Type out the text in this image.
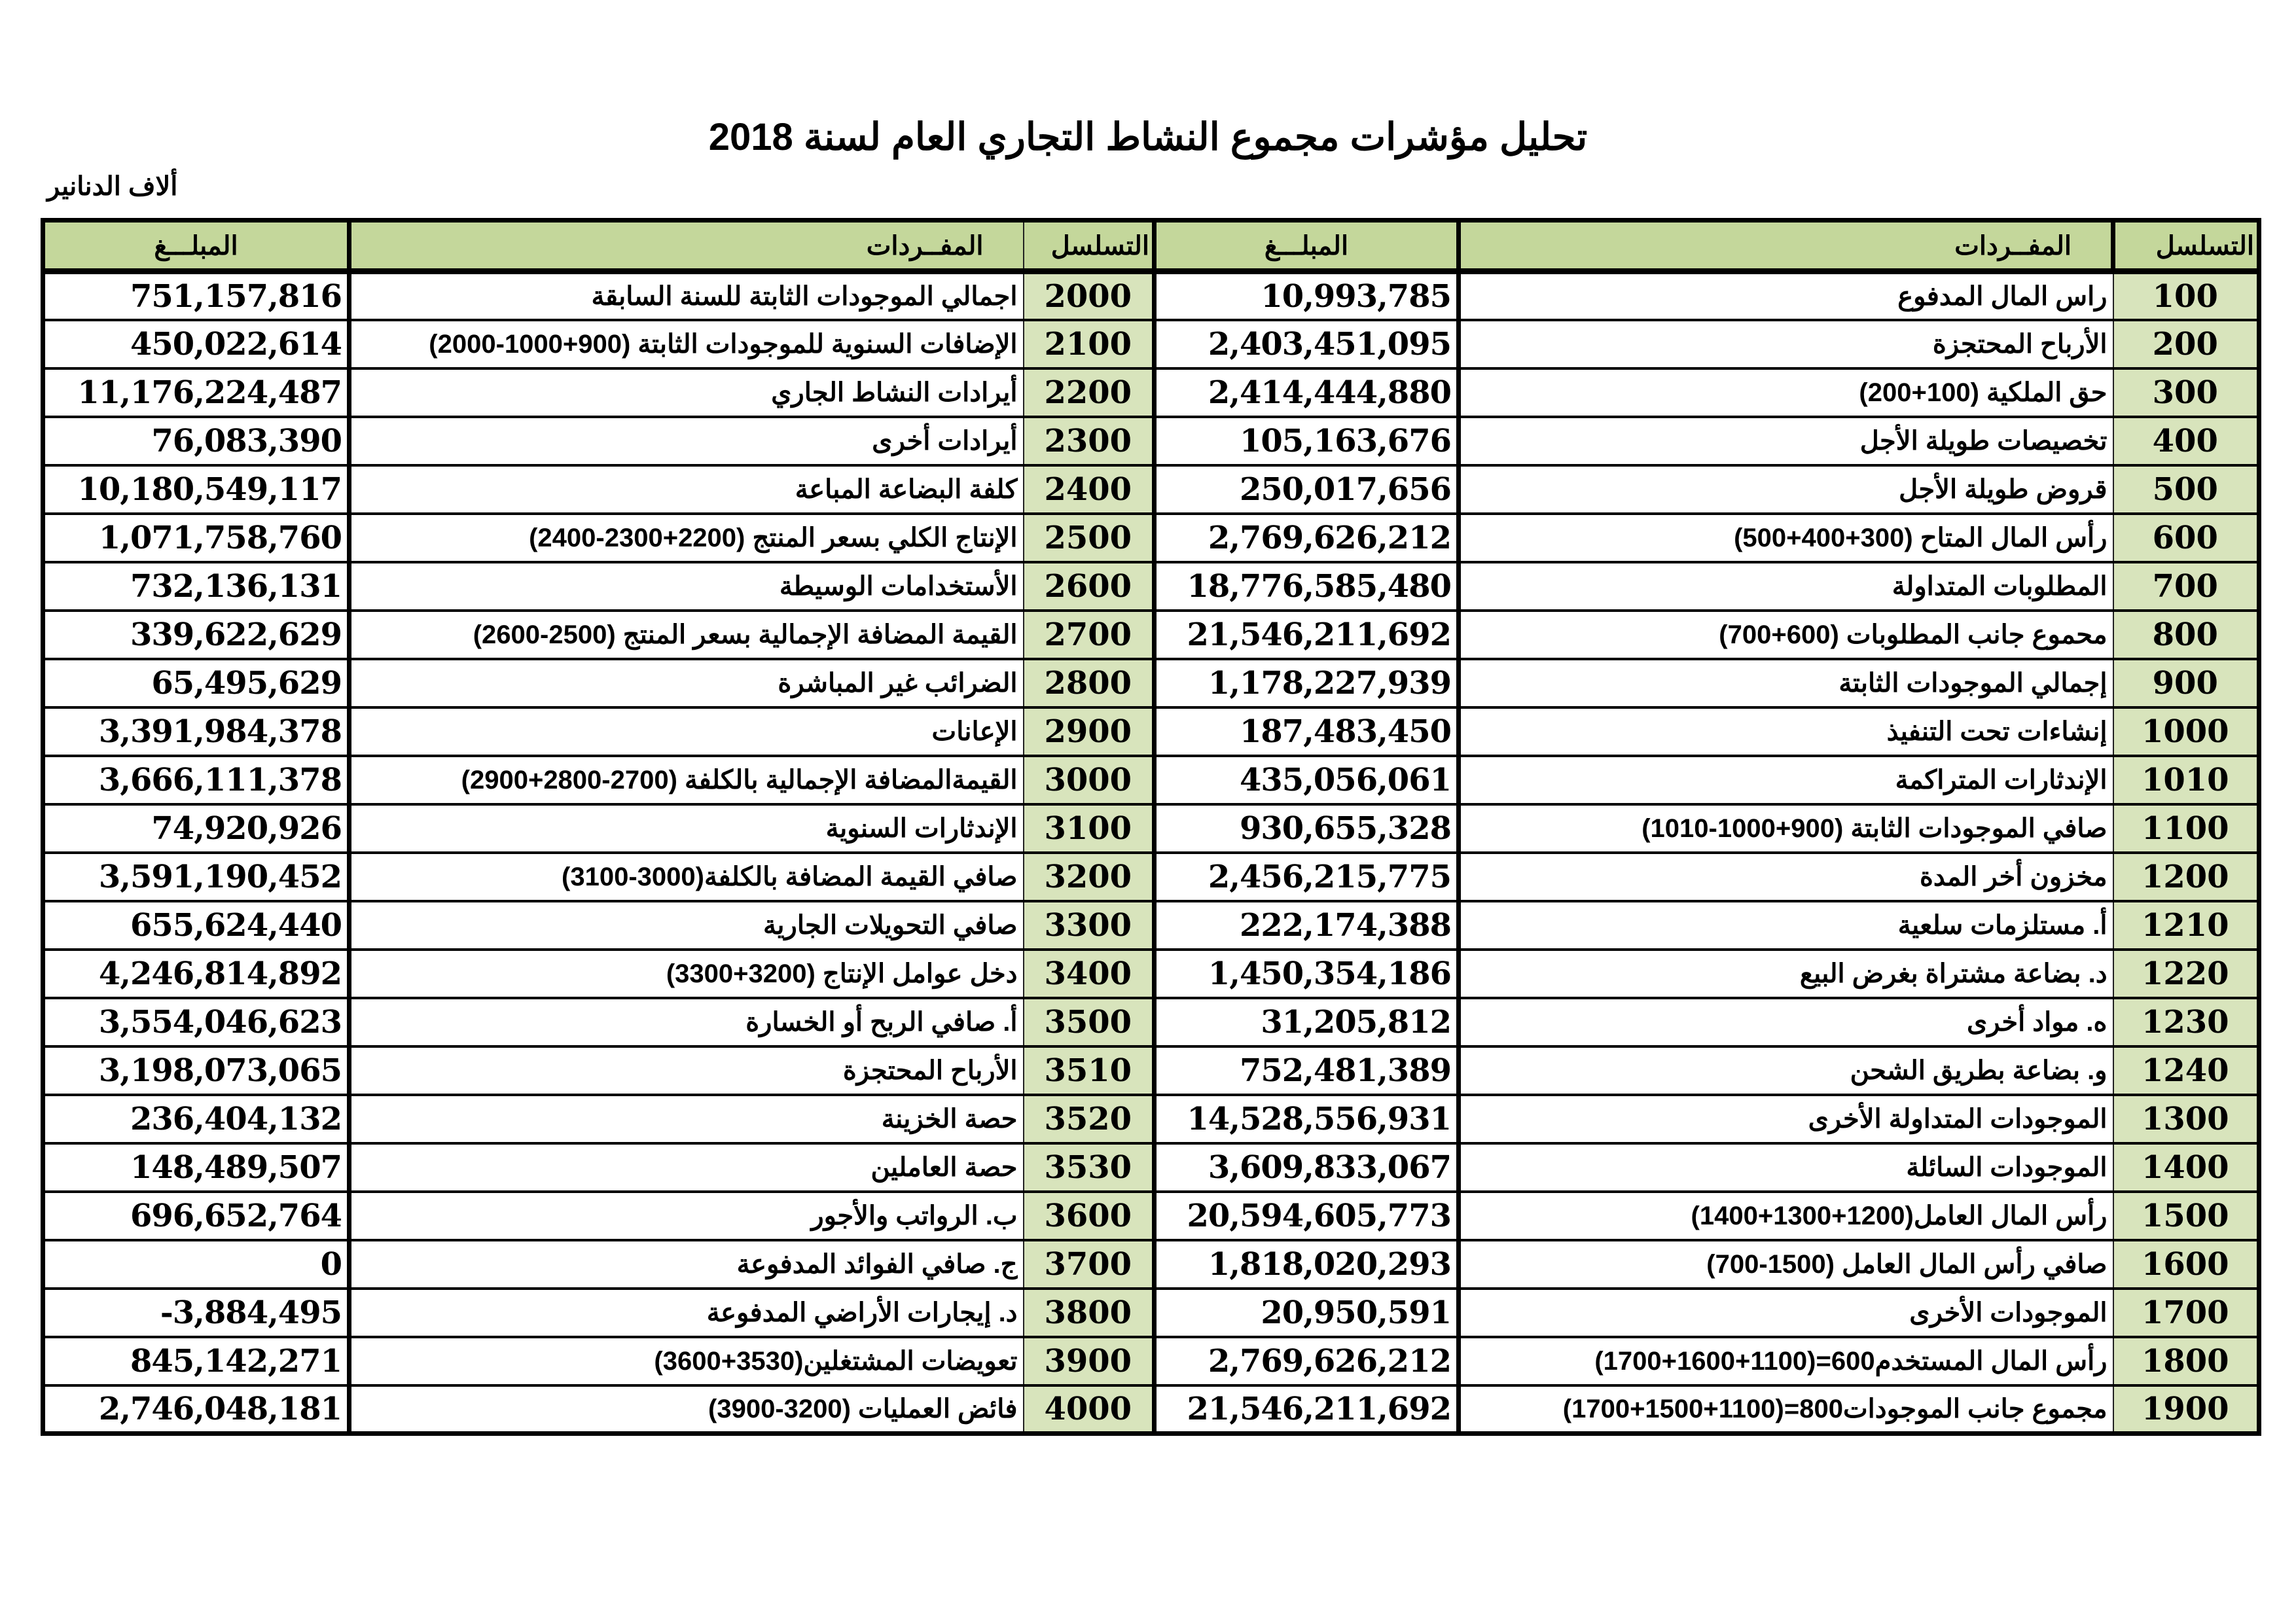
تحليل مؤشرات مجموع النشاط التجاري العام لسنة 2018
ألاف الدنانير
المبلـــغ	المفــردات	التسلسل	المبلـــغ	المفــردات	التسلسل
751,157,816	اجمالي الموجودات الثابتة للسنة السابقة	2000	10,993,785	راس المال المدفوع	100
450,022,614	الإضافات السنوية للموجودات الثابتة (900+1000-2000)	2100	2,403,451,095	الأرباح المحتجزة	200
11,176,224,487	أيرادات النشاط الجاري	2200	2,414,444,880	حق الملكية (100+200)	300
76,083,390	أيرادات أخرى	2300	105,163,676	تخصيصات طويلة الأجل	400
10,180,549,117	كلفة البضاعة المباعة	2400	250,017,656	قروض طويلة الأجل	500
1,071,758,760	الإنتاج الكلي بسعر المنتج (2200+2300-2400)	2500	2,769,626,212	رأس المال المتاح (300+400+500)	600
732,136,131	الأستخدامات الوسيطة	2600	18,776,585,480	المطلوبات المتداولة	700
339,622,629	القيمة المضافة الإجمالية بسعر المنتج (2500-2600)	2700	21,546,211,692	محموع جانب المطلوبات (600+700)	800
65,495,629	الضرائب غير المباشرة	2800	1,178,227,939	إجمالي الموجودات الثابتة	900
3,391,984,378	الإعانات	2900	187,483,450	إنشاءات تحت التنفيذ	1000
3,666,111,378	القيمةالمضافة الإجمالية بالكلفة (2700-2800+2900)	3000	435,056,061	الإندثارات المتراكمة	1010
74,920,926	الإندثارات السنوية	3100	930,655,328	صافي الموجودات الثابتة (900+1000-1010)	1100
3,591,190,452	صافي القيمة المضافة بالكلفة(3000-3100)	3200	2,456,215,775	مخزون أخر المدة	1200
655,624,440	صافي التحويلات الجارية	3300	222,174,388	أ. مستلزمات سلعية	1210
4,246,814,892	دخل عوامل الإنتاج (3200+3300)	3400	1,450,354,186	د. بضاعة مشتراة بغرض البيع	1220
3,554,046,623	أ. صافي الربح أو الخسارة	3500	31,205,812	ه. مواد أخرى	1230
3,198,073,065	الأرباح المحتجزة	3510	752,481,389	و. بضاعة بطريق الشحن	1240
236,404,132	حصة الخزينة	3520	14,528,556,931	الموجودات المتداولة الأخرى	1300
148,489,507	حصة العاملين	3530	3,609,833,067	الموجودات السائلة	1400
696,652,764	ب. الرواتب والأجور	3600	20,594,605,773	رأس المال العامل(1200+1300+1400)	1500
0	ج. صافي الفوائد المدفوعة	3700	1,818,020,293	صافي رأس المال العامل (1500-700)	1600
-3,884,495	د. إيجارات الأراضي المدفوعة	3800	20,950,591	الموجودات الأخرى	1700
845,142,271	تعويضات المشتغلين(3530+3600)	3900	2,769,626,212	رأس المال المستخدم600=(1100+1600+1700)	1800
2,746,048,181	فائض العمليات (3200-3900)	4000	21,546,211,692	مجموع جانب الموجودات800=(1100+1500+1700)	1900
